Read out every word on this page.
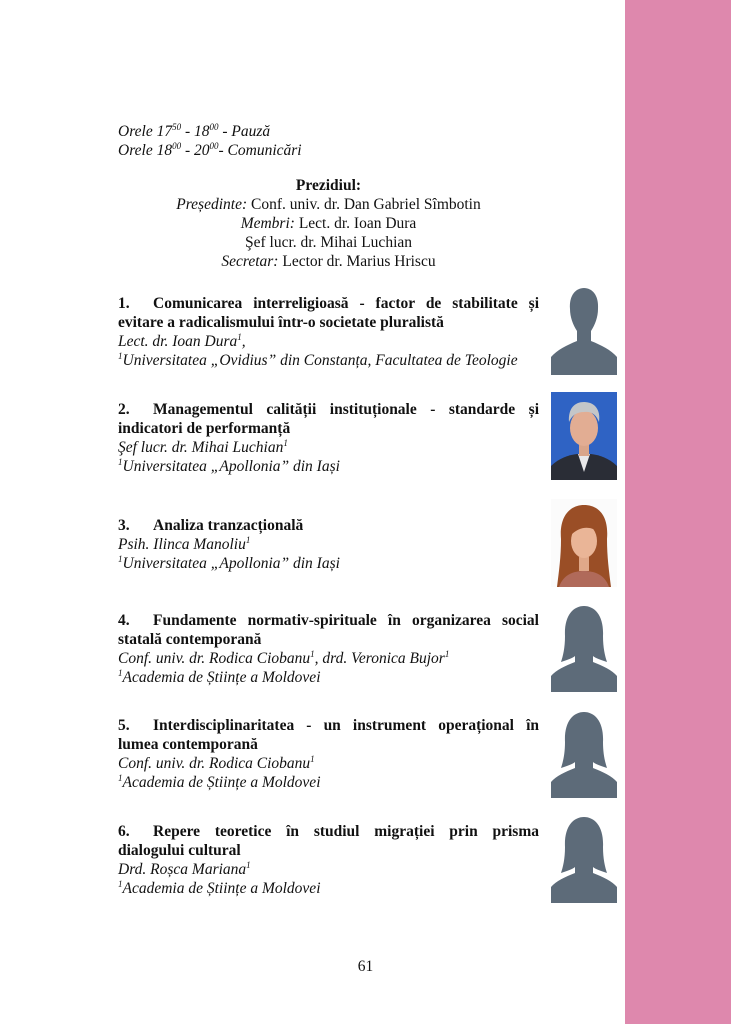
Orele $17^{50} - 18^{00}$ - Pauză
Orele $18^{00} - 20^{00}-$ Comunicări
Prezidiul:
Președinte: Conf. univ. dr. Dan Gabriel Sîmbotin
Membri: Lect. dr. Ioan Dura
Şef lucr. dr. Mihai Luchian
Secretar: Lector dr. Marius Hriscu
1. Comunicarea interreligioasă - factor de stabilitate și evitare a radicalismului într-o societate pluralistă
Lect. dr. Ioan Dura$^1$,
$^1$Universitatea „Ovidius” din Constanța, Facultatea de Teologie
2. Managementul calității instituționale - standarde și indicatori de performanță
Şef lucr. dr. Mihai Luchian$^1$
$^1$Universitatea „Apollonia” din Iași
3. Analiza tranzacțională
Psih. Ilinca Manoliu$^1$
$^1$Universitatea „Apollonia” din Iași
4. Fundamente normativ-spirituale în organizarea social statală contemporană
Conf. univ. dr. Rodica Ciobanu$^1$, drd. Veronica Bujor$^1$
$^1$Academia de Științe a Moldovei
5. Interdisciplinaritatea - un instrument operațional în lumea contemporană
Conf. univ. dr. Rodica Ciobanu$^1$
$^1$Academia de Științe a Moldovei
6. Repere teoretice în studiul migrației prin prisma dialogului cultural
Drd. Roșca Mariana$^1$
$^1$Academia de Științe a Moldovei
61
